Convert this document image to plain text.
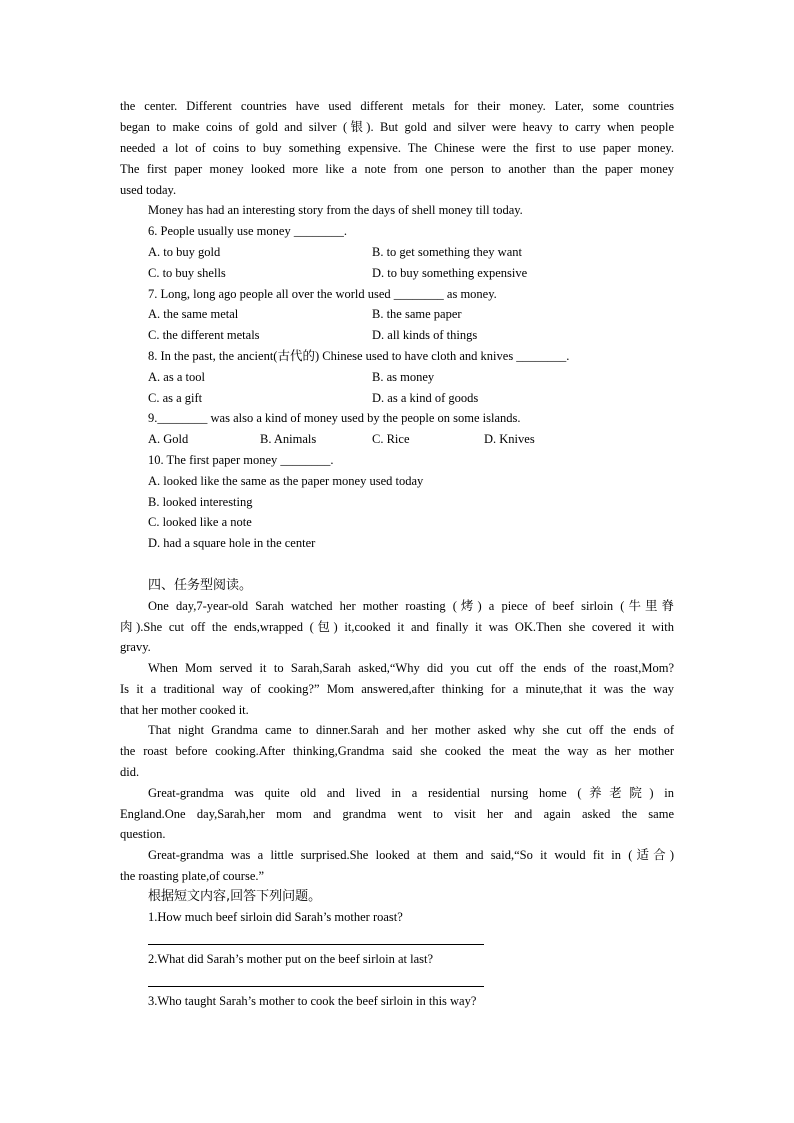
the center. Different countries have used different metals for their money. Later, some countries
began to make coins of gold and silver (银). But gold and silver were heavy to carry when people
needed a lot of coins to buy something expensive. The Chinese were the first to use paper money.
The first paper money looked more like a note from one person to another than the paper money
used today.
Money has had an interesting story from the days of shell money till today.
6. People usually use money ________.
A. to buy gold	B. to get something they want
C. to buy shells	D. to buy something expensive
7. Long, long ago people all over the world used ________ as money.
A. the same metal	B. the same paper
C. the different metals	D. all kinds of things
8. In the past, the ancient(古代的) Chinese used to have cloth and knives ________.
A. as a tool	B. as money
C. as a gift	D. as a kind of goods
9.________ was also a kind of money used by the people on some islands.
A. Gold	B. Animals	C. Rice	D. Knives
10. The first paper money ________.
A. looked like the same as the paper money used today
B. looked interesting
C. looked like a note
D. had a square hole in the center
四、任务型阅读。
One day,7-year-old Sarah watched her mother roasting (烤) a piece of beef sirloin (牛里脊
肉).She cut off the ends,wrapped (包) it,cooked it and finally it was OK.Then she covered it with
gravy.
When Mom served it to Sarah,Sarah asked,“Why did you cut off the ends of the roast,Mom?
Is it a traditional way of cooking?” Mom answered,after thinking for a minute,that it was the way
that her mother cooked it.
That night Grandma came to dinner.Sarah and her mother asked why she cut off the ends of
the roast before cooking.After thinking,Grandma said she cooked the meat the way as her mother
did.
Great-grandma was quite old and lived in a residential nursing home (养老院) in
England.One day,Sarah,her mom and grandma went to visit her and again asked the same
question.
Great-grandma was a little surprised.She looked at them and said,“So it would fit in (适合)
the roasting plate,of course.”
根据短文内容,回答下列问题。
1.How much beef sirloin did Sarah’s mother roast?
2.What did Sarah’s mother put on the beef sirloin at last?
3.Who taught Sarah’s mother to cook the beef sirloin in this way?
